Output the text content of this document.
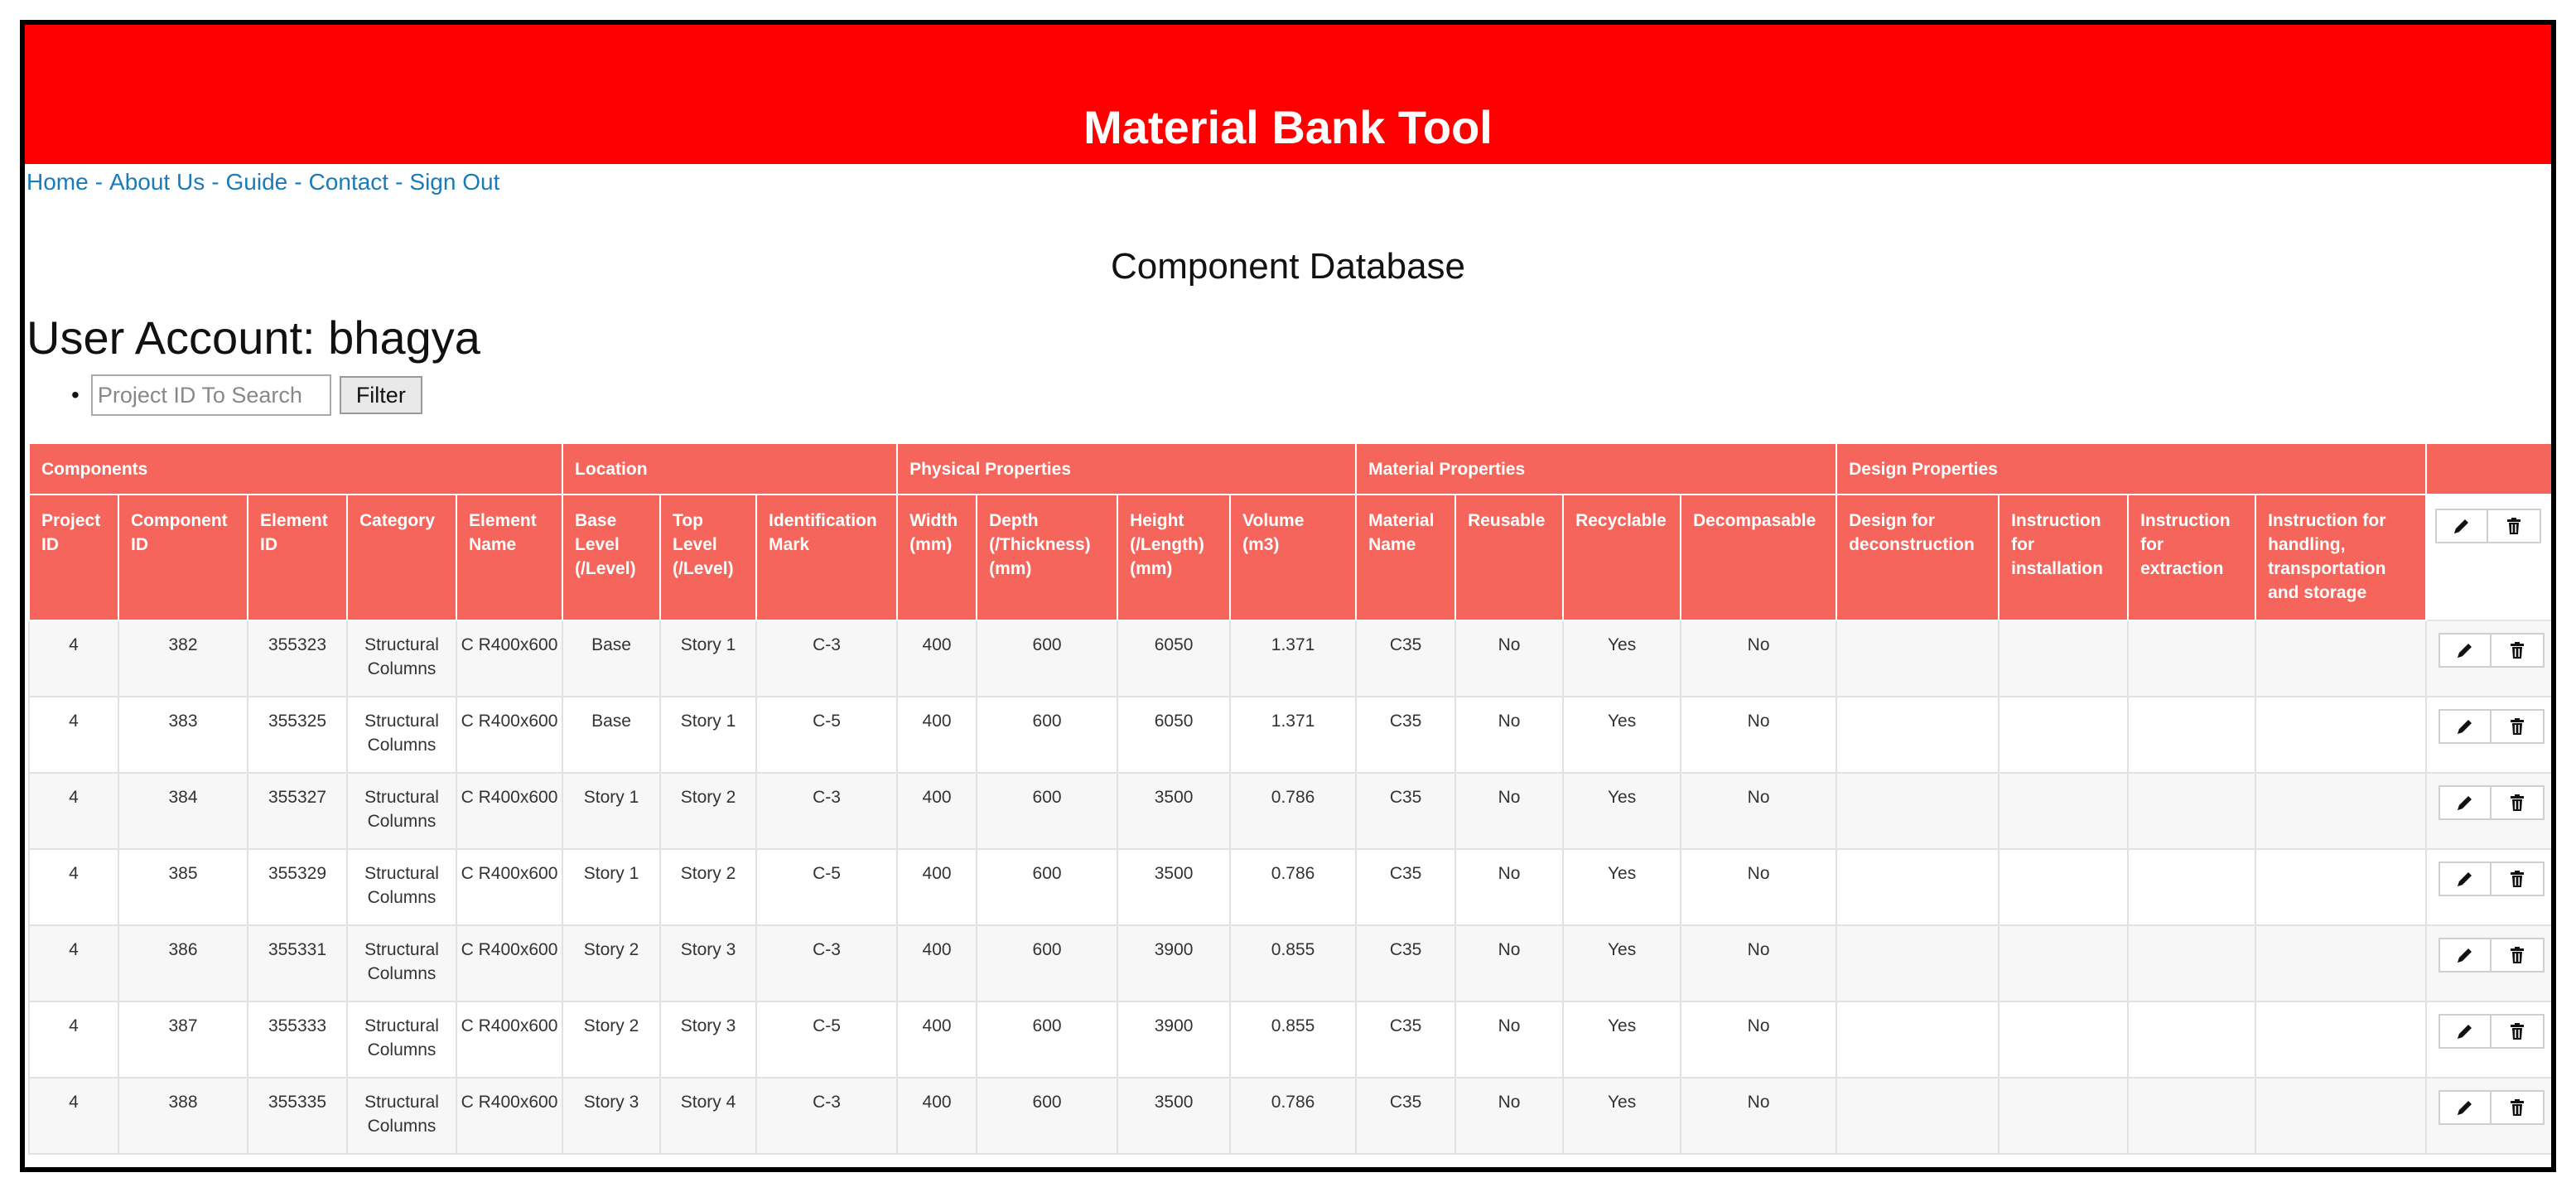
Material Bank Tool
Home - About Us - Guide - Contact - Sign Out
Component Database
User Account: bhagya
•
Project ID To Search	Filter
Components					Location			Physical Properties				Material Properties				Design Properties				
Project ID	Component ID	Element ID	Category	Element Name	Base Level (/Level)	Top Level (/Level)	Identification Mark	Width (mm)	Depth (/Thickness) (mm)	Height (/Length) (mm)	Volume (m3)	Material Name	Reusable	Recyclable	Decompasable	Design for deconstruction	Instruction for installation	Instruction for extraction	Instruction for handling, transportation and storage	

4	382	355323	Structural Columns	C R400x600	Base	Story 1	C-3	400	600	6050	1.371	C35	No	Yes	No					

4	383	355325	Structural Columns	C R400x600	Base	Story 1	C-5	400	600	6050	1.371	C35	No	Yes	No					

4	384	355327	Structural Columns	C R400x600	Story 1	Story 2	C-3	400	600	3500	0.786	C35	No	Yes	No					

4	385	355329	Structural Columns	C R400x600	Story 1	Story 2	C-5	400	600	3500	0.786	C35	No	Yes	No					

4	386	355331	Structural Columns	C R400x600	Story 2	Story 3	C-3	400	600	3900	0.855	C35	No	Yes	No					

4	387	355333	Structural Columns	C R400x600	Story 2	Story 3	C-5	400	600	3900	0.855	C35	No	Yes	No					

4	388	355335	Structural Columns	C R400x600	Story 3	Story 4	C-3	400	600	3500	0.786	C35	No	Yes	No					
